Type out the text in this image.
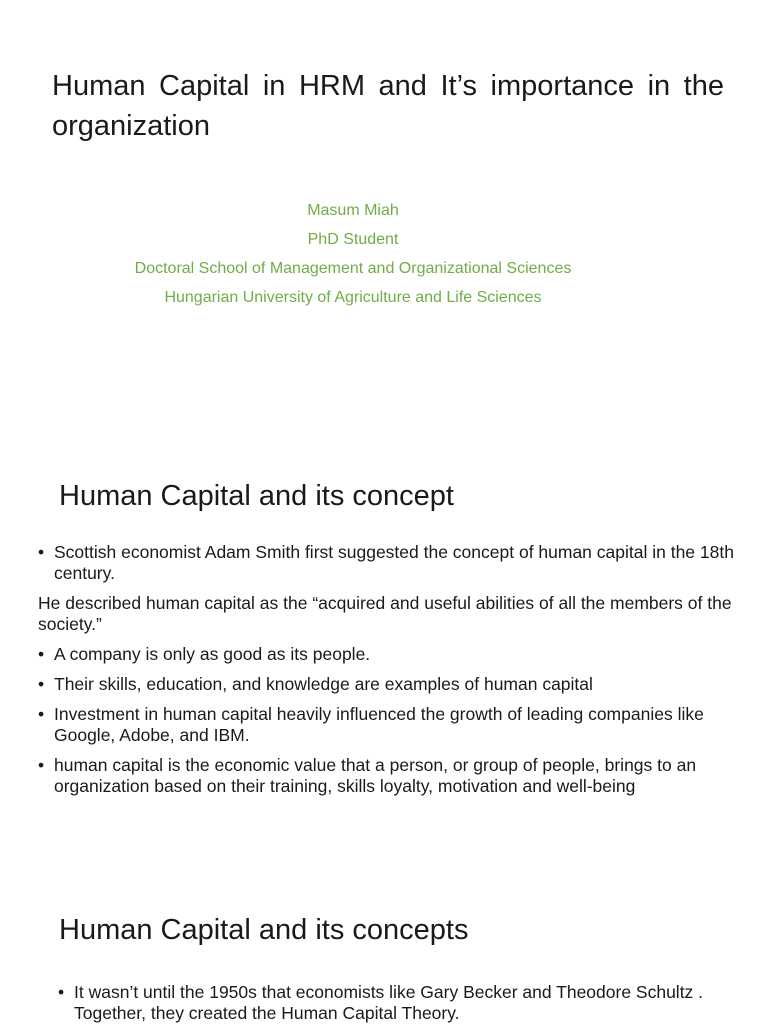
Human Capital in HRM and It’s importance in the organization
Masum Miah
PhD Student
Doctoral School of Management and Organizational Sciences
Hungarian University of Agriculture and Life Sciences
Human Capital and its concept
• Scottish economist Adam Smith first suggested the concept of human capital in the 18th century.
He described human capital as the “acquired and useful abilities of all the members of the society.”
• A company is only as good as its people.
• Their skills, education, and knowledge are examples of human capital
• Investment in human capital heavily influenced the growth of leading companies like Google, Adobe, and IBM.
• human capital is the economic value that a person, or group of people, brings to an organization based on their training, skills loyalty, motivation and well-being
Human Capital and its concepts
• It wasn’t until the 1950s that economists like Gary Becker and Theodore Schultz . Together, they created the Human Capital Theory.
